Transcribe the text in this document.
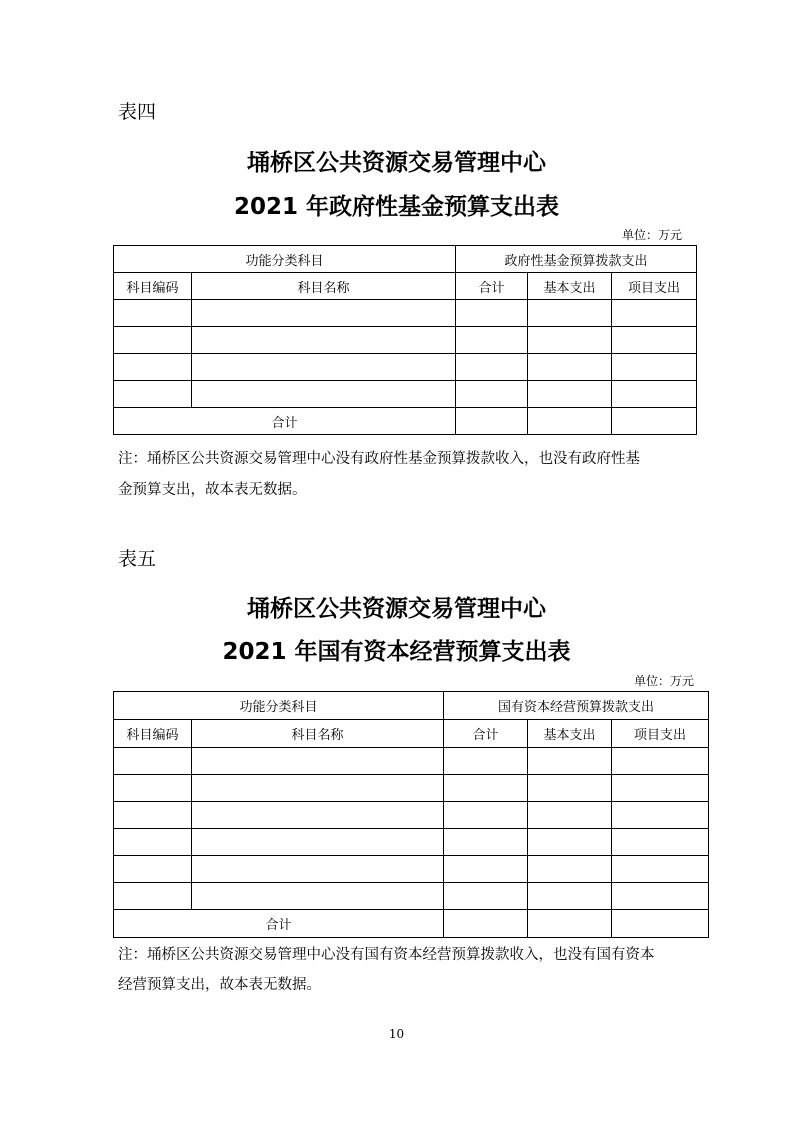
表四
埇桥区公共资源交易管理中心
2021 年政府性基金预算支出表
单位：万元
功能分类科目		政府性基金预算拨款支出		
科目编码	科目名称	合计	基本支出	项目支出

合计				
注：埇桥区公共资源交易管理中心没有政府性基金预算拨款收入，也没有政府性基
金预算支出，故本表无数据。
表五
埇桥区公共资源交易管理中心
2021 年国有资本经营预算支出表
单位：万元
功能分类科目		国有资本经营预算拨款支出		
科目编码	科目名称	合计	基本支出	项目支出

合计				
注：埇桥区公共资源交易管理中心没有国有资本经营预算拨款收入，也没有国有资本
经营预算支出，故本表无数据。
10
